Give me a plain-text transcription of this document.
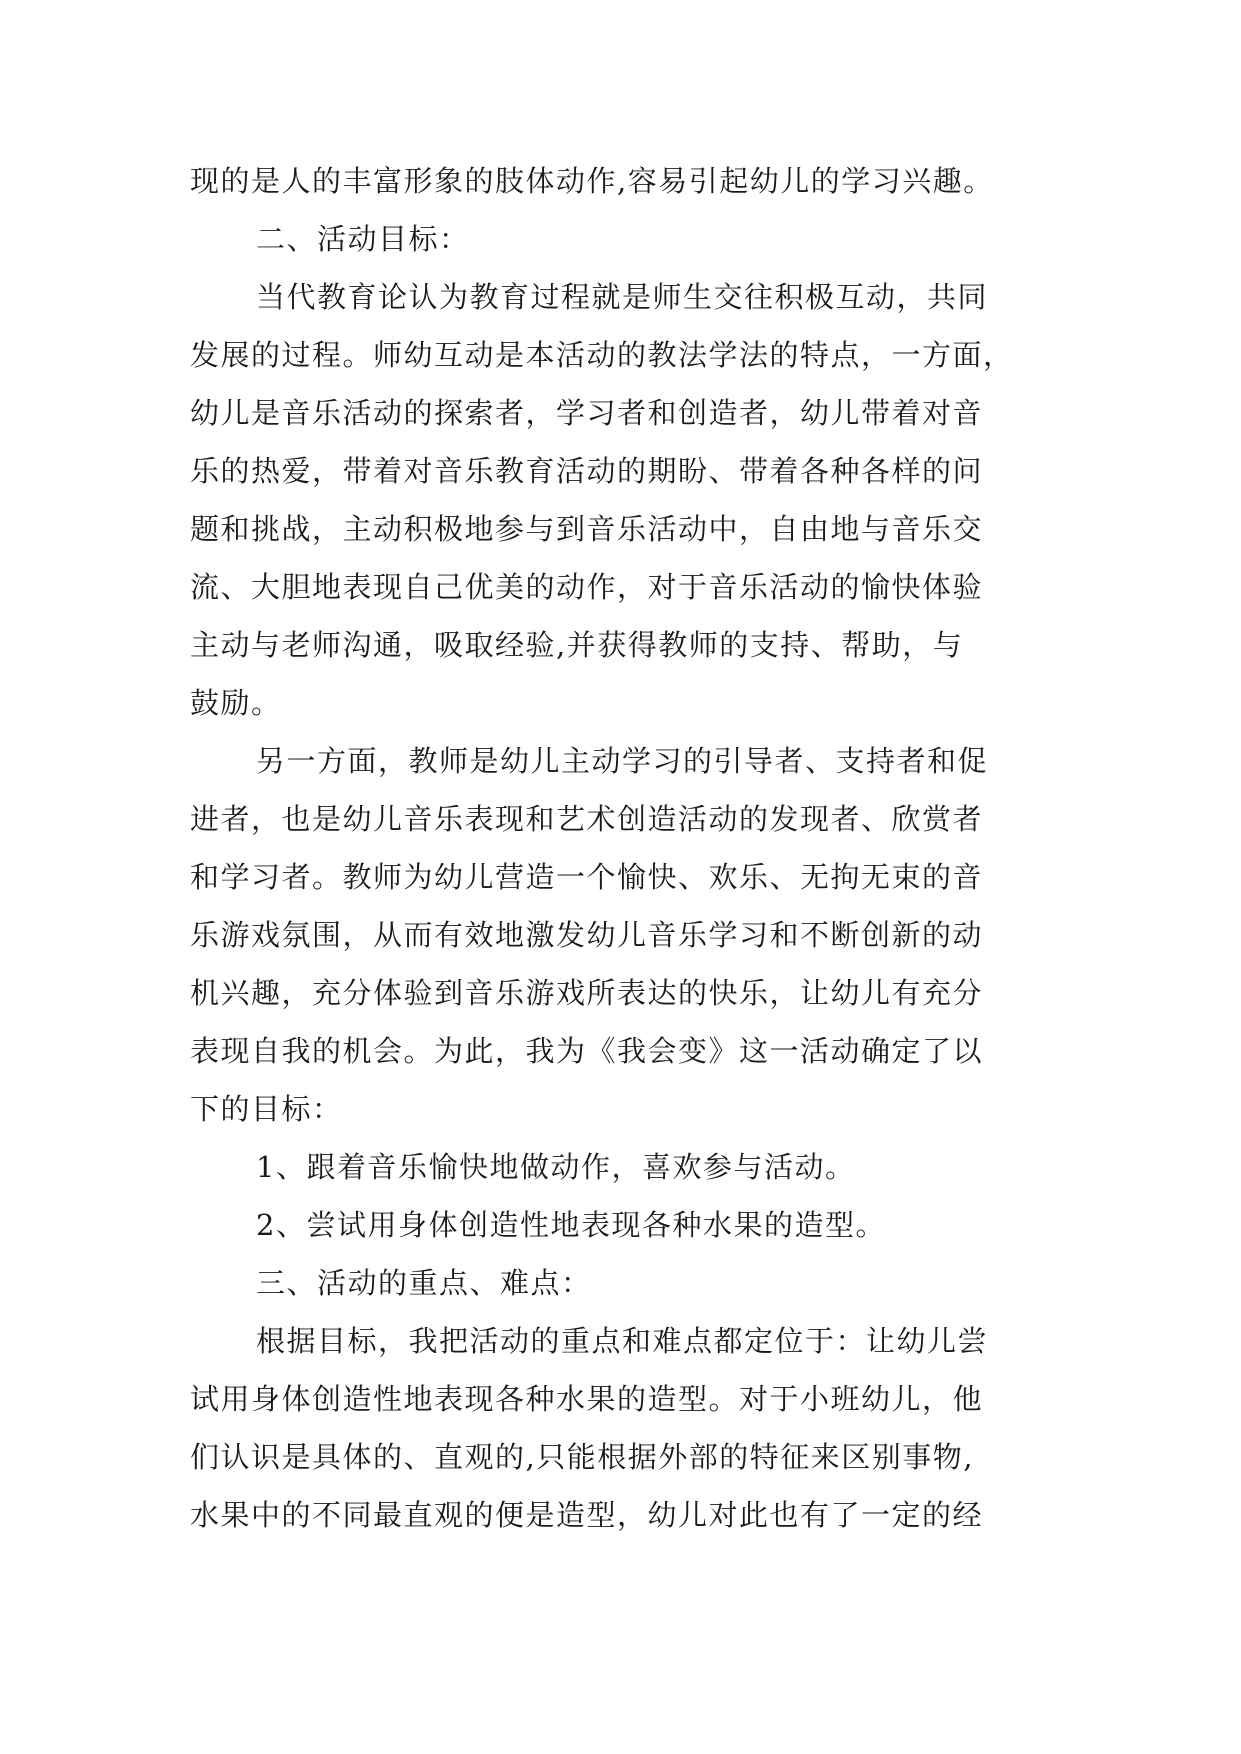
现的是人的丰富形象的肢体动作,容易引起幼儿的学习兴趣。
二、活动目标：
当代教育论认为教育过程就是师生交往积极互动，共同
发展的过程。师幼互动是本活动的教法学法的特点，一方面，
幼儿是音乐活动的探索者，学习者和创造者，幼儿带着对音
乐的热爱，带着对音乐教育活动的期盼、带着各种各样的问
题和挑战，主动积极地参与到音乐活动中，自由地与音乐交
流、大胆地表现自己优美的动作，对于音乐活动的愉快体验
主动与老师沟通，吸取经验,并获得教师的支持、帮助，与
鼓励。
另一方面，教师是幼儿主动学习的引导者、支持者和促
进者，也是幼儿音乐表现和艺术创造活动的发现者、欣赏者
和学习者。教师为幼儿营造一个愉快、欢乐、无拘无束的音
乐游戏氛围，从而有效地激发幼儿音乐学习和不断创新的动
机兴趣，充分体验到音乐游戏所表达的快乐，让幼儿有充分
表现自我的机会。为此，我为《我会变》这一活动确定了以
下的目标：
1、跟着音乐愉快地做动作，喜欢参与活动。
2、尝试用身体创造性地表现各种水果的造型。
三、活动的重点、难点：
根据目标，我把活动的重点和难点都定位于：让幼儿尝
试用身体创造性地表现各种水果的造型。对于小班幼儿，他
们认识是具体的、直观的,只能根据外部的特征来区别事物,
水果中的不同最直观的便是造型，幼儿对此也有了一定的经
